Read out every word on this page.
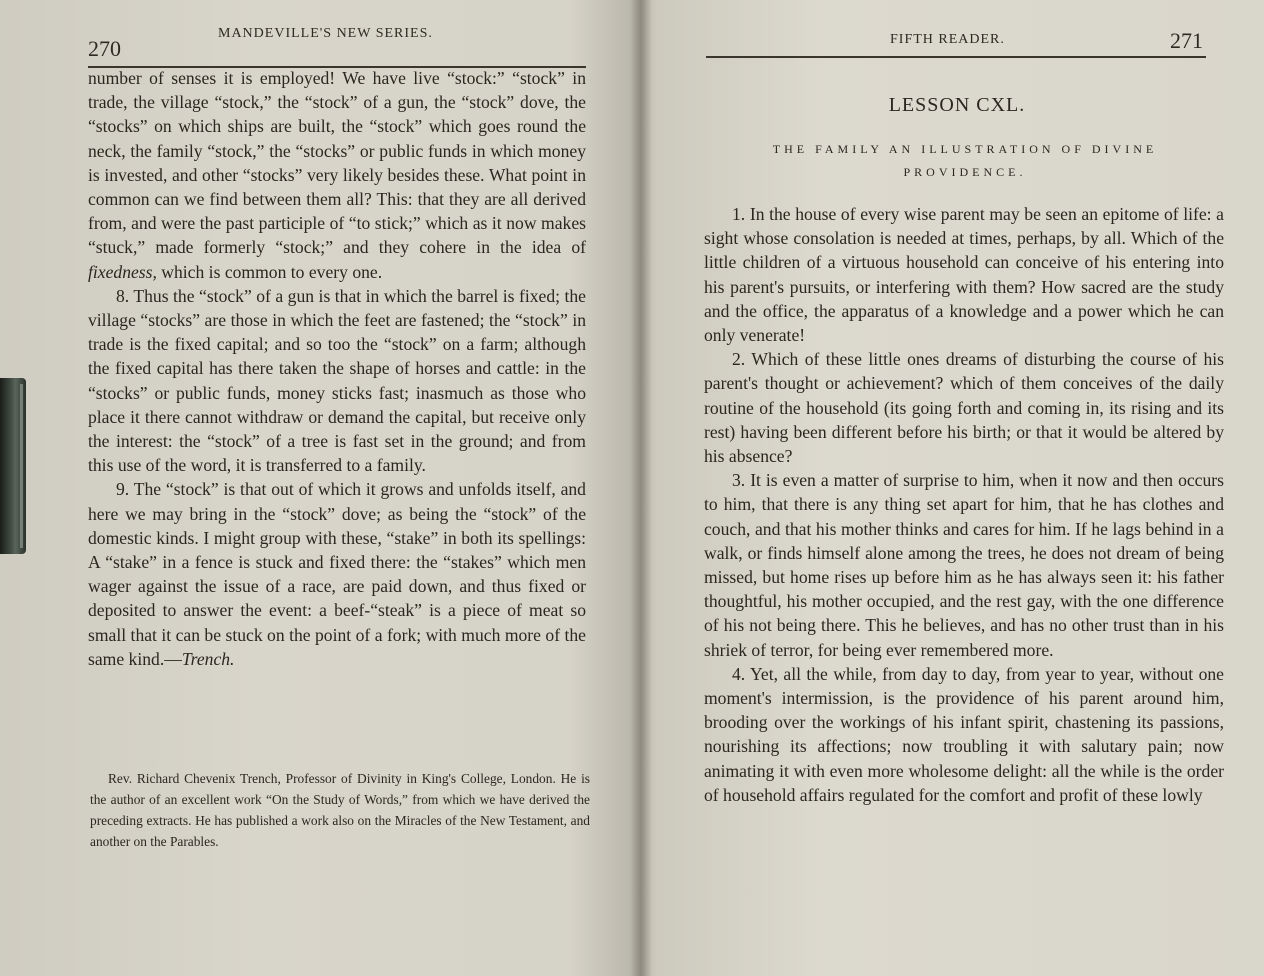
270
MANDEVILLE'S NEW SERIES.

number of senses it is employed! We have live “stock:” “stock” in trade, the village “stock,” the “stock” of a gun, the “stock” dove, the “stocks” on which ships are built, the “stock” which goes round the neck, the family “stock,” the “stocks” or public funds in which money is invested, and other “stocks” very likely besides these. What point in common can we find between them all? This: that they are all derived from, and were the past participle of “to stick;” which as it now makes “stuck,” made formerly “stock;” and they cohere in the idea of fixedness, which is common to every one.

8. Thus the “stock” of a gun is that in which the barrel is fixed; the village “stocks” are those in which the feet are fastened; the “stock” in trade is the fixed capital; and so too the “stock” on a farm; although the fixed capital has there taken the shape of horses and cattle: in the “stocks” or public funds, money sticks fast; inasmuch as those who place it there cannot withdraw or demand the capital, but receive only the interest: the “stock” of a tree is fast set in the ground; and from this use of the word, it is transferred to a family.

9. The “stock” is that out of which it grows and unfolds itself, and here we may bring in the “stock” dove; as being the “stock” of the domestic kinds. I might group with these, “stake” in both its spellings: A “stake” in a fence is stuck and fixed there: the “stakes” which men wager against the issue of a race, are paid down, and thus fixed or deposited to answer the event: a beef-“steak” is a piece of meat so small that it can be stuck on the point of a fork; with much more of the same kind.—Trench.

Rev. Richard Chevenix Trench, Professor of Divinity in King's College, London. He is the author of an excellent work “On the Study of Words,” from which we have derived the preceding extracts. He has published a work also on the Miracles of the New Testament, and another on the Parables.

FIFTH READER.	271
LESSON CXL.
THE FAMILY AN ILLUSTRATION OF DIVINE
PROVIDENCE.

1. In the house of every wise parent may be seen an epitome of life: a sight whose consolation is needed at times, perhaps, by all. Which of the little children of a virtuous household can conceive of his entering into his parent's pursuits, or interfering with them? How sacred are the study and the office, the apparatus of a knowledge and a power which he can only venerate!

2. Which of these little ones dreams of disturbing the course of his parent's thought or achievement? which of them conceives of the daily routine of the household (its going forth and coming in, its rising and its rest) having been different before his birth; or that it would be altered by his absence?

3. It is even a matter of surprise to him, when it now and then occurs to him, that there is any thing set apart for him, that he has clothes and couch, and that his mother thinks and cares for him. If he lags behind in a walk, or finds himself alone among the trees, he does not dream of being missed, but home rises up before him as he has always seen it: his father thoughtful, his mother occupied, and the rest gay, with the one difference of his not being there. This he believes, and has no other trust than in his shriek of terror, for being ever remembered more.

4. Yet, all the while, from day to day, from year to year, without one moment's intermission, is the providence of his parent around him, brooding over the workings of his infant spirit, chastening its passions, nourishing its affections; now troubling it with salutary pain; now animating it with even more wholesome delight: all the while is the order of household affairs regulated for the comfort and profit of these lowly
